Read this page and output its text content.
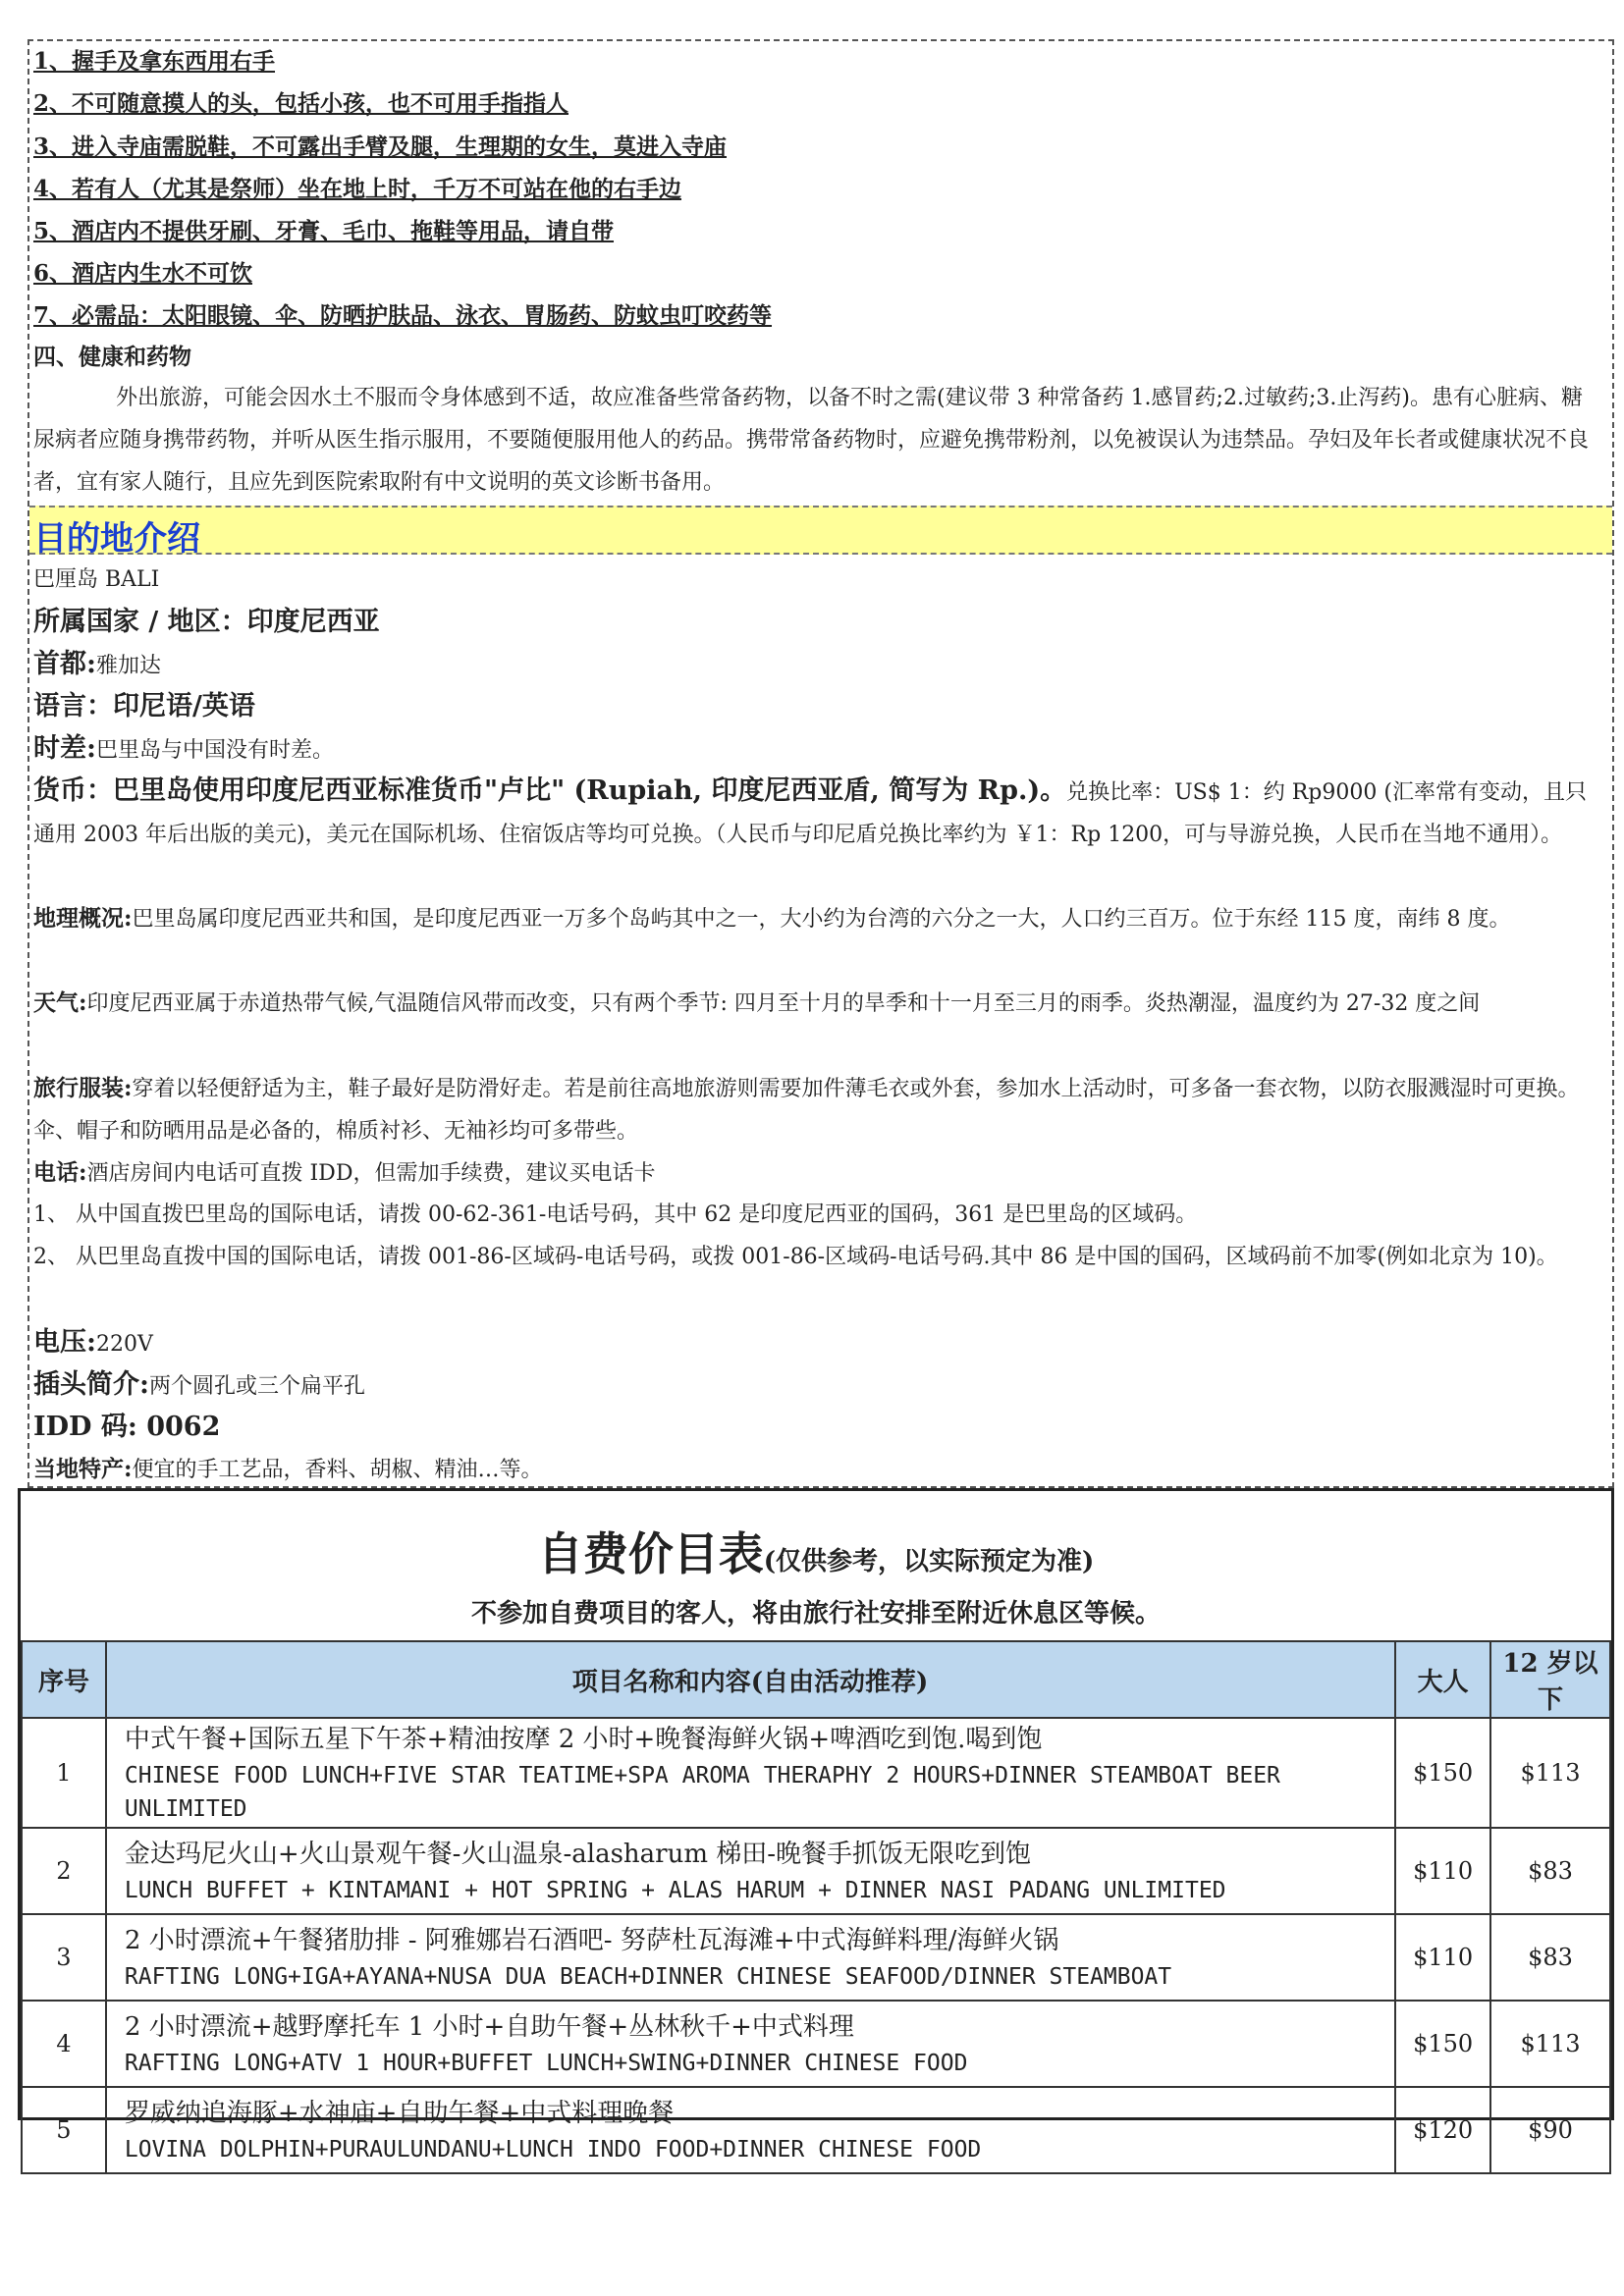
1、握手及拿东西用右手
2、不可随意摸人的头，包括小孩，也不可用手指指人
3、进入寺庙需脱鞋，不可露出手臂及腿，生理期的女生，莫进入寺庙
4、若有人（尤其是祭师）坐在地上时，千万不可站在他的右手边
5、酒店内不提供牙刷、牙膏、毛巾、拖鞋等用品，请自带
6、酒店内生水不可饮
7、必需品：太阳眼镜、伞、防晒护肤品、泳衣、胃肠药、防蚊虫叮咬药等
四、健康和药物
外出旅游，可能会因水土不服而令身体感到不适，故应准备些常备药物，以备不时之需(建议带 3 种常备药 1.感冒药;2.过敏药;3.止泻药)。患有心脏病、糖尿病者应随身携带药物，并听从医生指示服用，不要随便服用他人的药品。携带常备药物时，应避免携带粉剂，以免被误认为违禁品。孕妇及年长者或健康状况不良者，宜有家人随行，且应先到医院索取附有中文说明的英文诊断书备用。
目的地介绍
巴厘岛 BALI
所属国家 / 地区：印度尼西亚
首都:雅加达
语言：印尼语/英语
时差:巴里岛与中国没有时差。
货币：巴里岛使用印度尼西亚标准货币"卢比" (Rupiah, 印度尼西亚盾, 简写为 Rp.)。兑换比率：US$ 1：约 Rp9000 (汇率常有变动，且只通用 2003 年后出版的美元)，美元在国际机场、住宿饭店等均可兑换。（人民币与印尼盾兑换比率约为 ￥1：Rp 1200，可与导游兑换，人民币在当地不通用）。
地理概况:巴里岛属印度尼西亚共和国，是印度尼西亚一万多个岛屿其中之一，大小约为台湾的六分之一大，人口约三百万。位于东经 115 度，南纬 8 度。
天气:印度尼西亚属于赤道热带气候,气温随信风带而改变，只有两个季节: 四月至十月的旱季和十一月至三月的雨季。炎热潮湿，温度约为 27-32 度之间
旅行服装:穿着以轻便舒适为主，鞋子最好是防滑好走。若是前往高地旅游则需要加件薄毛衣或外套，参加水上活动时，可多备一套衣物，以防衣服溅湿时可更换。伞、帽子和防晒用品是必备的，棉质衬衫、无袖衫均可多带些。
电话:酒店房间内电话可直拨 IDD，但需加手续费，建议买电话卡
1、 从中国直拨巴里岛的国际电话，请拨 00-62-361-电话号码，其中 62 是印度尼西亚的国码，361 是巴里岛的区域码。
2、 从巴里岛直拨中国的国际电话，请拨 001-86-区域码-电话号码，或拨 001-86-区域码-电话号码.其中 86 是中国的国码，区域码前不加零(例如北京为 10)。
电压:220V
插头简介:两个圆孔或三个扁平孔
IDD 码: 0062
当地特产:便宜的手工艺品，香料、胡椒、精油…等。
自费价目表(仅供参考，以实际预定为准)
不参加自费项目的客人，将由旅行社安排至附近休息区等候。
序号	项目名称和内容(自由活动推荐)	大人	12 岁以下
1	中式午餐+国际五星下午茶+精油按摩 2 小时+晚餐海鲜火锅+啤酒吃到饱.喝到饱
CHINESE FOOD LUNCH+FIVE STAR TEATIME+SPA AROMA THERAPHY 2 HOURS+DINNER STEAMBOAT BEER UNLIMITED	$150	$113
2	金达玛尼火山+火山景观午餐-火山温泉-alasharum 梯田-晚餐手抓饭无限吃到饱
LUNCH BUFFET + KINTAMANI + HOT SPRING + ALAS HARUM + DINNER NASI PADANG UNLIMITED	$110	$83
3	2 小时漂流+午餐猪肋排 - 阿雅娜岩石酒吧- 努萨杜瓦海滩+中式海鲜料理/海鲜火锅
RAFTING LONG+IGA+AYANA+NUSA DUA BEACH+DINNER CHINESE SEAFOOD/DINNER STEAMBOAT	$110	$83
4	2 小时漂流+越野摩托车 1 小时+自助午餐+丛林秋千+中式料理
RAFTING LONG+ATV 1 HOUR+BUFFET LUNCH+SWING+DINNER CHINESE FOOD	$150	$113
5	罗威纳追海豚+水神庙+自助午餐+中式料理晚餐
LOVINA DOLPHIN+PURAULUNDANU+LUNCH INDO FOOD+DINNER CHINESE FOOD	$120	$90
